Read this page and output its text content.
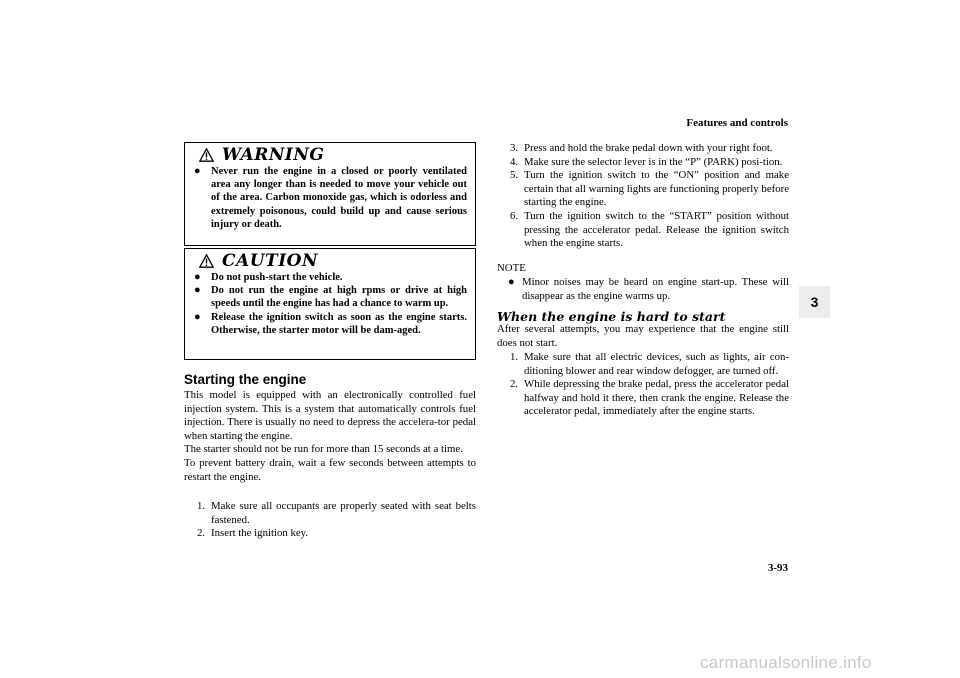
Features and controls
3
WARNING
● Never run the engine in a closed or poorly ventilated area any longer than is needed to move your vehicle out of the area. Carbon monoxide gas, which is odorless and extremely poisonous, could build up and cause serious injury or death.
CAUTION
● Do not push-start the vehicle.
● Do not run the engine at high rpms or drive at high speeds until the engine has had a chance to warm up.
● Release the ignition switch as soon as the engine starts. Otherwise, the starter motor will be dam-aged.
Starting the engine
This model is equipped with an electronically controlled fuel injection system. This is a system that automatically controls fuel injection. There is usually no need to depress the accelera-tor pedal when starting the engine.
The starter should not be run for more than 15 seconds at a time.
To prevent battery drain, wait a few seconds between attempts to restart the engine.
1. Make sure all occupants are properly seated with seat belts fastened.
2. Insert the ignition key.
3. Press and hold the brake pedal down with your right foot.
4. Make sure the selector lever is in the “P” (PARK) posi-tion.
5. Turn the ignition switch to the “ON” position and make certain that all warning lights are functioning properly before starting the engine.
6. Turn the ignition switch to the “START” position without pressing the accelerator pedal. Release the ignition switch when the engine starts.
NOTE
● Minor noises may be heard on engine start-up. These will disappear as the engine warms up.
When the engine is hard to start
After several attempts, you may experience that the engine still does not start.
1. Make sure that all electric devices, such as lights, air con-ditioning blower and rear window defogger, are turned off.
2. While depressing the brake pedal, press the accelerator pedal halfway and hold it there, then crank the engine. Release the accelerator pedal, immediately after the engine starts.
3-93
carmanualsonline.info
